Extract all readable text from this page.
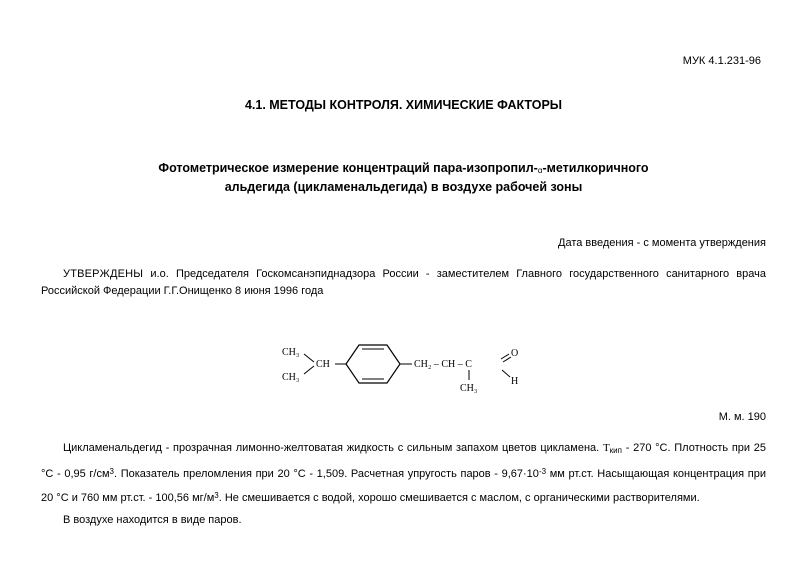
МУК 4.1.231-96
4.1. МЕТОДЫ КОНТРОЛЯ. ХИМИЧЕСКИЕ ФАКТОРЫ
Фотометрическое измерение концентраций пара-изопропил-α-метилкоричного
альдегида (цикламенальдегида) в воздухе рабочей зоны
Дата введения - с момента утверждения
УТВЕРЖДЕНЫ и.о. Председателя Госкомсанэпиднадзора России - заместителем Главного государственного санитарного врача Российской Федерации Г.Г.Онищенко 8 июня 1996 года
CH₃
CH₃
CH	CH₂ – CH – C
CH₃
O
H
М. м. 190
Цикламенальдегид - прозрачная лимонно-желтоватая жидкость с сильным запахом цветов цикламена. $T_{кип} - 270$ °С. Плотность при 25 °С - 0,95 $г/см^3$. Показатель преломления при 20 °С - 1,509. Расчетная упругость паров - $9,67\cdot 10^{-3}$ мм рт.ст. Насыщающая концентрация при 20 °С и 760 мм рт.ст. - 100,56 $мг/м^3$. Не смешивается с водой, хорошо смешивается с маслом, с органическими растворителями.
В воздухе находится в виде паров.
